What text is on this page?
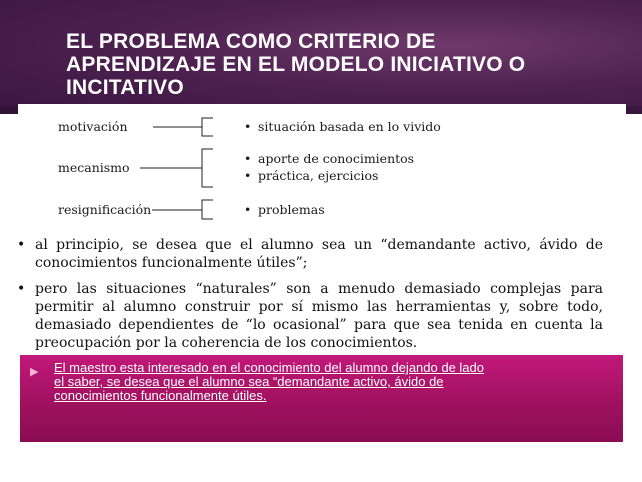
EL PROBLEMA COMO CRITERIO DE
APRENDIZAJE EN EL MODELO INICIATIVO O
INCITATIVO
motivación
mecanismo
resignificación
• situación basada en lo vivido
• aporte de conocimientos
• práctica, ejercicios
• problemas
• al principio, se desea que el alumno sea un “demandante activo, ávido de
conocimientos funcionalmente útiles”;
• pero las situaciones “naturales” son a menudo demasiado complejas para
permitir al alumno construir por sí mismo las herramientas y, sobre todo,
demasiado dependientes de “lo ocasional” para que sea tenida en cuenta la
preocupación por la coherencia de los conocimientos.
▶ El maestro esta interesado en el conocimiento del alumno dejando de lado
el saber, se desea que el alumno sea “demandante activo, ávido de
conocimientos funcionalmente útiles.
